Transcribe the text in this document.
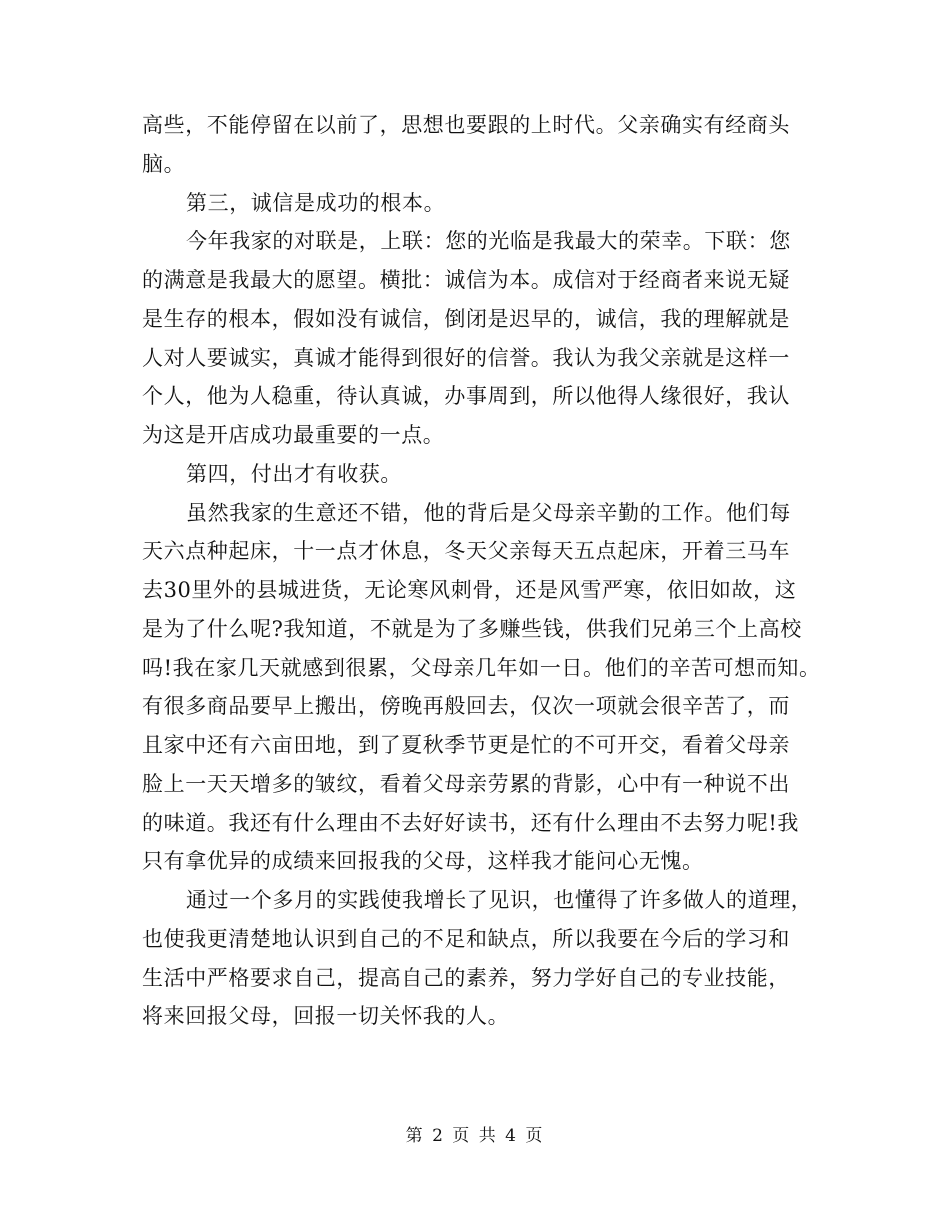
高些，不能停留在以前了，思想也要跟的上时代。父亲确实有经商头
脑。
第三，诚信是成功的根本。
今年我家的对联是，上联：您的光临是我最大的荣幸。下联：您
的满意是我最大的愿望。横批：诚信为本。成信对于经商者来说无疑
是生存的根本，假如没有诚信，倒闭是迟早的，诚信，我的理解就是
人对人要诚实，真诚才能得到很好的信誉。我认为我父亲就是这样一
个人，他为人稳重，待认真诚，办事周到，所以他得人缘很好，我认
为这是开店成功最重要的一点。
第四，付出才有收获。
虽然我家的生意还不错，他的背后是父母亲辛勤的工作。他们每
天六点种起床，十一点才休息，冬天父亲每天五点起床，开着三马车
去30里外的县城进货，无论寒风刺骨，还是风雪严寒，依旧如故，这
是为了什么呢?我知道，不就是为了多赚些钱，供我们兄弟三个上高校
吗!我在家几天就感到很累，父母亲几年如一日。他们的辛苦可想而知。
有很多商品要早上搬出，傍晚再般回去，仅次一项就会很辛苦了，而
且家中还有六亩田地，到了夏秋季节更是忙的不可开交，看着父母亲
脸上一天天增多的皱纹，看着父母亲劳累的背影，心中有一种说不出
的味道。我还有什么理由不去好好读书，还有什么理由不去努力呢!我
只有拿优异的成绩来回报我的父母，这样我才能问心无愧。
通过一个多月的实践使我增长了见识，也懂得了许多做人的道理，
也使我更清楚地认识到自己的不足和缺点，所以我要在今后的学习和
生活中严格要求自己，提高自己的素养，努力学好自己的专业技能，
将来回报父母，回报一切关怀我的人。
第 2 页 共 4 页
